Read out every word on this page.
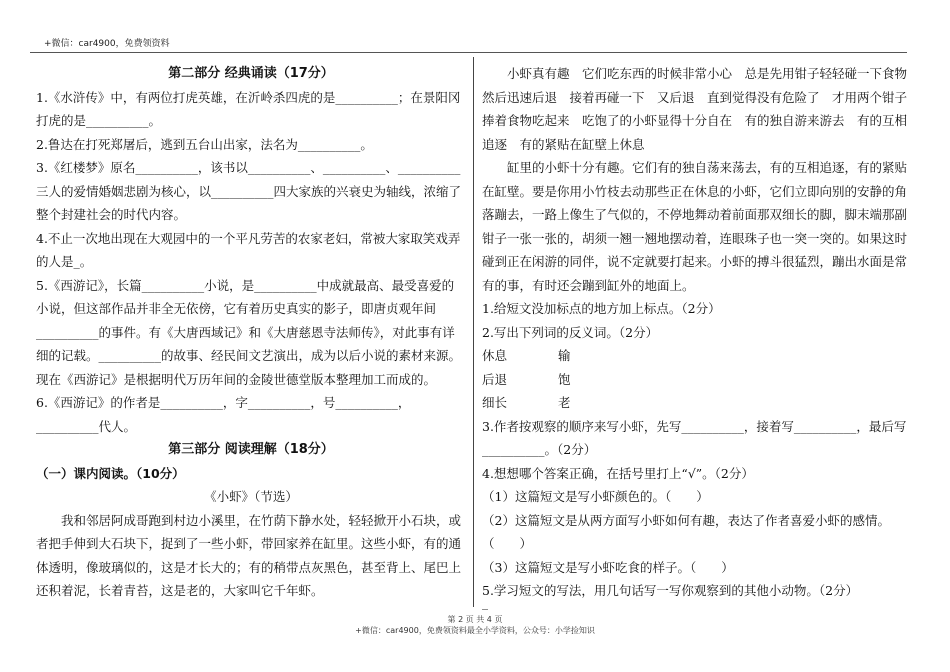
+微信：car4900，免费领资料
第二部分 经典诵读（17分）
1.《水浒传》中，有两位打虎英雄，在沂岭杀四虎的是__________；在景阳冈打虎的是__________。
2.鲁达在打死郑屠后，逃到五台山出家，法名为__________。
3.《红楼梦》原名__________，该书以__________、__________、__________三人的爱情婚姻悲剧为核心，以__________四大家族的兴衰史为轴线，浓缩了整个封建社会的时代内容。
4.不止一次地出现在大观园中的一个平凡劳苦的农家老妇，常被大家取笑戏弄的人是_。
5.《西游记》，长篇__________小说，是__________中成就最高、最受喜爱的小说，但这部作品并非全无依傍，它有着历史真实的影子，即唐贞观年间__________的事件。有《大唐西域记》和《大唐慈恩寺法师传》，对此事有详细的记载。__________的故事、经民间文艺演出，成为以后小说的素材来源。现在《西游记》是根据明代万历年间的金陵世德堂版本整理加工而成的。
6.《西游记》的作者是__________，字__________，号__________，__________代人。
第三部分 阅读理解（18分）
（一）课内阅读。（10分）
《小虾》（节选）
我和邻居阿成哥跑到村边小溪里，在竹荫下静水处，轻轻掀开小石块，或者把手伸到大石块下，捉到了一些小虾，带回家养在缸里。这些小虾，有的通体透明，像玻璃似的，这是才长大的；有的稍带点灰黑色，甚至背上、尾巴上还积着泥，长着青苔，这是老的，大家叫它千年虾。
小虾真有趣　它们吃东西的时候非常小心　总是先用钳子轻轻碰一下食物　然后迅速后退　接着再碰一下　又后退　直到觉得没有危险了　才用两个钳子捧着食物吃起来　吃饱了的小虾显得十分自在　有的独自游来游去　有的互相追逐　有的紧贴在缸壁上休息
缸里的小虾十分有趣。它们有的独自荡来荡去，有的互相追逐，有的紧贴在缸壁。要是你用小竹枝去动那些正在休息的小虾，它们立即向别的安静的角落蹦去，一路上像生了气似的，不停地舞动着前面那双细长的脚，脚末端那副钳子一张一张的，胡须一翘一翘地摆动着，连眼珠子也一突一突的。如果这时碰到正在闲游的同伴，说不定就要打起来。小虾的搏斗很猛烈，蹦出水面是常有的事，有时还会蹦到缸外的地面上。
1.给短文没加标点的地方加上标点。（2分）
2.写出下列词的反义词。（2分）
休息	输
后退	饱
细长	老
3.作者按观察的顺序来写小虾，先写__________，接着写__________，最后写__________。（2分）
4.想想哪个答案正确，在括号里打上“√”。（2分）
（1）这篇短文是写小虾颜色的。（　　）
（2）这篇短文是从两方面写小虾如何有趣，表达了作者喜爱小虾的感情。（　　）
（3）这篇短文是写小虾吃食的样子。（　　）
5.学习短文的写法，用几句话写一写你观察到的其他小动物。（2分）
_
第 2 页 共 4 页
+微信：car4900，免费领资料最全小学资料，公众号：小学捡知识
